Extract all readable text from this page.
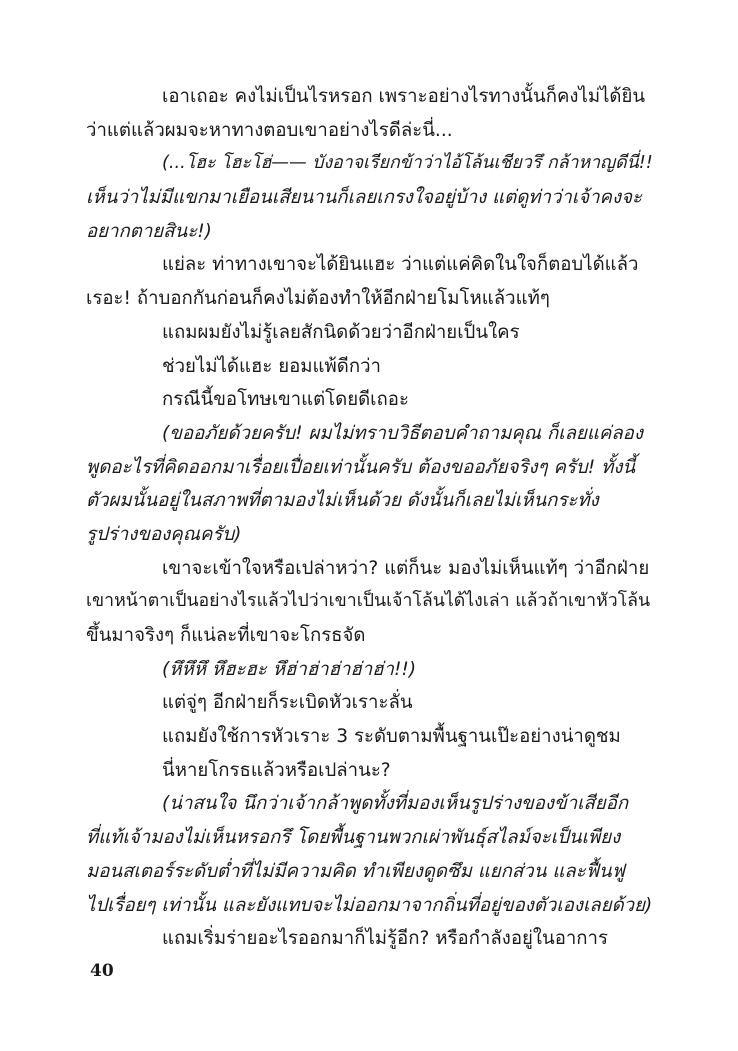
เอาเถอะ คงไม่เป็นไรหรอก เพราะอย่างไรทางนั้นก็คงไม่ได้ยิน
ว่าแต่แล้วผมจะหาทางตอบเขาอย่างไรดีล่ะนี่...
(...โฮะ โฮะโฮ่—— บังอาจเรียกข้าว่าไอ้โล้นเชียวรึ กล้าหาญดีนี่!!
เห็นว่าไม่มีแขกมาเยือนเสียนานก็เลยเกรงใจอยู่บ้าง แต่ดูท่าว่าเจ้าคงจะ
อยากตายสินะ!)
แย่ละ ท่าทางเขาจะได้ยินแฮะ ว่าแต่แค่คิดในใจก็ตอบได้แล้ว
เรอะ! ถ้าบอกกันก่อนก็คงไม่ต้องทำให้อีกฝ่ายโมโหแล้วแท้ๆ
แถมผมยังไม่รู้เลยสักนิดด้วยว่าอีกฝ่ายเป็นใคร
ช่วยไม่ได้แฮะ ยอมแพ้ดีกว่า
กรณีนี้ขอโทษเขาแต่โดยดีเถอะ
(ขออภัยด้วยครับ! ผมไม่ทราบวิธีตอบคำถามคุณ ก็เลยแค่ลอง
พูดอะไรที่คิดออกมาเรื่อยเปื่อยเท่านั้นครับ ต้องขออภัยจริงๆ ครับ! ทั้งนี้
ตัวผมนั้นอยู่ในสภาพที่ตามองไม่เห็นด้วย ดังนั้นก็เลยไม่เห็นกระทั่ง
รูปร่างของคุณครับ)
เขาจะเข้าใจหรือเปล่าหว่า? แต่ก็นะ มองไม่เห็นแท้ๆ ว่าอีกฝ่าย
เขาหน้าตาเป็นอย่างไรแล้วไปว่าเขาเป็นเจ้าโล้นได้ไงเล่า แล้วถ้าเขาหัวโล้น
ขึ้นมาจริงๆ ก็แน่ละที่เขาจะโกรธจัด
(หึหึหึ หึฮะฮะ หึฮ่าฮ่าฮ่าฮ่าฮ่า!!)
แต่จู่ๆ อีกฝ่ายก็ระเบิดหัวเราะลั่น
แถมยังใช้การหัวเราะ 3 ระดับตามพื้นฐานเป๊ะอย่างน่าดูชม
นี่หายโกรธแล้วหรือเปล่านะ?
(น่าสนใจ นึกว่าเจ้ากล้าพูดทั้งที่มองเห็นรูปร่างของข้าเสียอีก
ที่แท้เจ้ามองไม่เห็นหรอกรึ โดยพื้นฐานพวกเผ่าพันธุ์สไลม์จะเป็นเพียง
มอนสเตอร์ระดับต่ำที่ไม่มีความคิด ทำเพียงดูดซึม แยกส่วน และฟื้นฟู
ไปเรื่อยๆ เท่านั้น และยังแทบจะไม่ออกมาจากถิ่นที่อยู่ของตัวเองเลยด้วย)
แถมเริ่มร่ายอะไรออกมาก็ไม่รู้อีก? หรือกำลังอยู่ในอาการ
40
